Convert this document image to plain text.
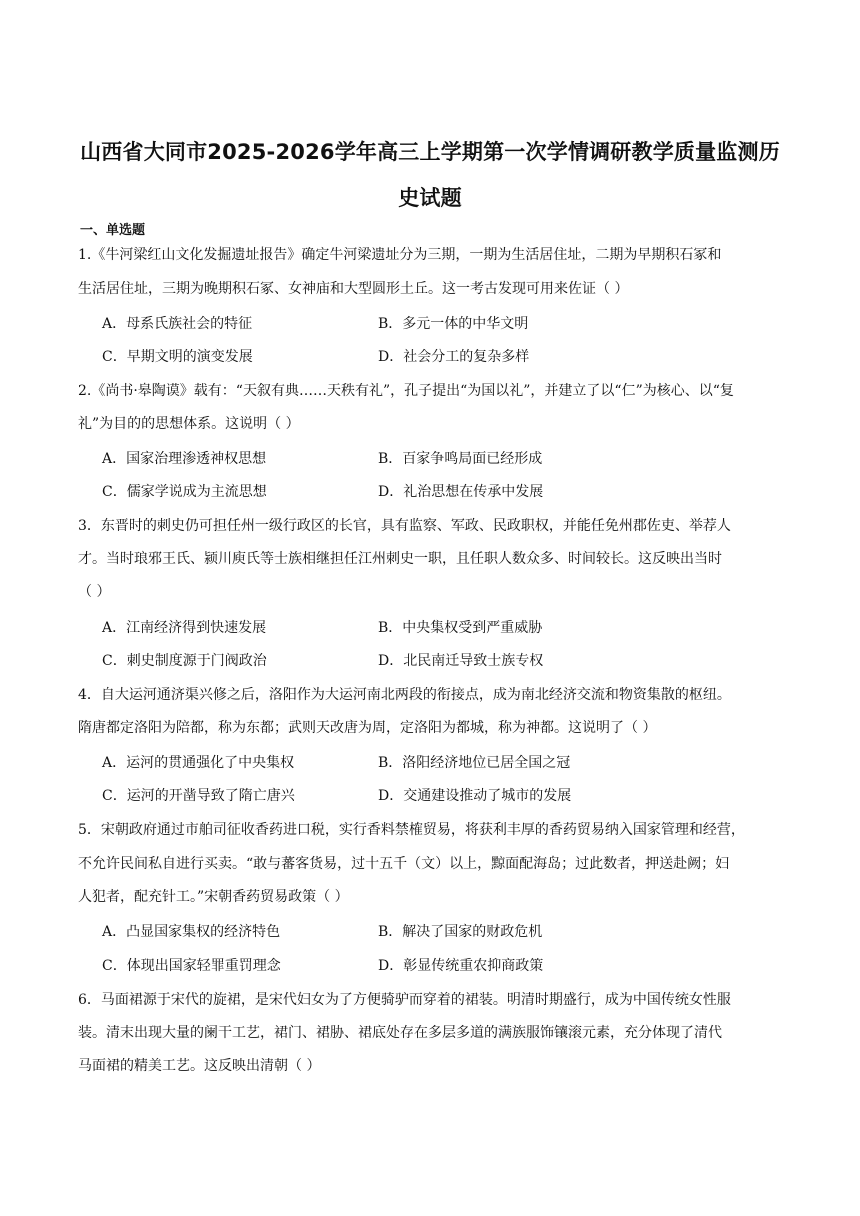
山西省大同市2025-2026学年高三上学期第一次学情调研教学质量监测历
史试题
一、单选题
1.《牛河梁红山文化发掘遗址报告》确定牛河梁遗址分为三期，一期为生活居住址，二期为早期积石冢和
生活居住址，三期为晚期积石冢、女神庙和大型圆形土丘。这一考古发现可用来佐证（ ）
A．母系氏族社会的特征	B．多元一体的中华文明
C．早期文明的演变发展	D．社会分工的复杂多样
2.《尚书·皋陶谟》载有：“天叙有典……天秩有礼”，孔子提出“为国以礼”，并建立了以“仁”为核心、以“复
礼”为目的的思想体系。这说明（ ）
A．国家治理渗透神权思想	B．百家争鸣局面已经形成
C．儒家学说成为主流思想	D．礼治思想在传承中发展
3．东晋时的刺史仍可担任州一级行政区的长官，具有监察、军政、民政职权，并能任免州郡佐吏、举荐人
才。当时琅邪王氏、颍川庾氏等士族相继担任江州刺史一职，且任职人数众多、时间较长。这反映出当时
（ ）
A．江南经济得到快速发展	B．中央集权受到严重威胁
C．刺史制度源于门阀政治	D．北民南迁导致士族专权
4．自大运河通济渠兴修之后，洛阳作为大运河南北两段的衔接点，成为南北经济交流和物资集散的枢纽。
隋唐都定洛阳为陪都，称为东都；武则天改唐为周，定洛阳为都城，称为神都。这说明了（ ）
A．运河的贯通强化了中央集权	B．洛阳经济地位已居全国之冠
C．运河的开凿导致了隋亡唐兴	D．交通建设推动了城市的发展
5．宋朝政府通过市舶司征收香药进口税，实行香料禁榷贸易，将获利丰厚的香药贸易纳入国家管理和经营，
不允许民间私自进行买卖。“敢与蕃客货易，过十五千（文）以上，黥面配海岛；过此数者，押送赴阙；妇
人犯者，配充针工。”宋朝香药贸易政策（ ）
A．凸显国家集权的经济特色	B．解决了国家的财政危机
C．体现出国家轻罪重罚理念	D．彰显传统重农抑商政策
6．马面裙源于宋代的旋裙，是宋代妇女为了方便骑驴而穿着的裙装。明清时期盛行，成为中国传统女性服
装。清末出现大量的阑干工艺，裙门、裙胁、裙底处存在多层多道的满族服饰镶滚元素，充分体现了清代
马面裙的精美工艺。这反映出清朝（ ）
